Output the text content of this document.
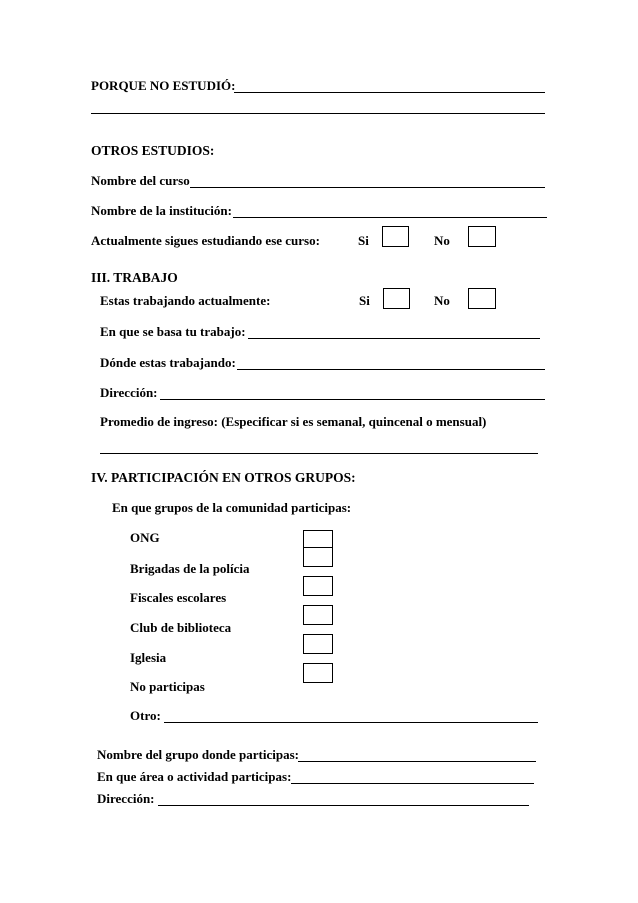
PORQUE NO ESTUDIÓ:
OTROS ESTUDIOS:
Nombre del curso
Nombre de la institución:
Actualmente sigues estudiando ese curso:	Si	No
III. TRABAJO
Estas trabajando actualmente:	Si	No
En que se basa tu trabajo:
Dónde estas trabajando:
Dirección:
Promedio de ingreso: (Especificar si es semanal, quincenal o mensual)
IV. PARTICIPACIÓN EN OTROS GRUPOS:
En que grupos de la comunidad participas:
ONG
Brigadas de la polícia
Fiscales escolares
Club de biblioteca
Iglesia
No participas
Otro:
Nombre del grupo donde participas:
En que área o actividad participas:
Dirección:
